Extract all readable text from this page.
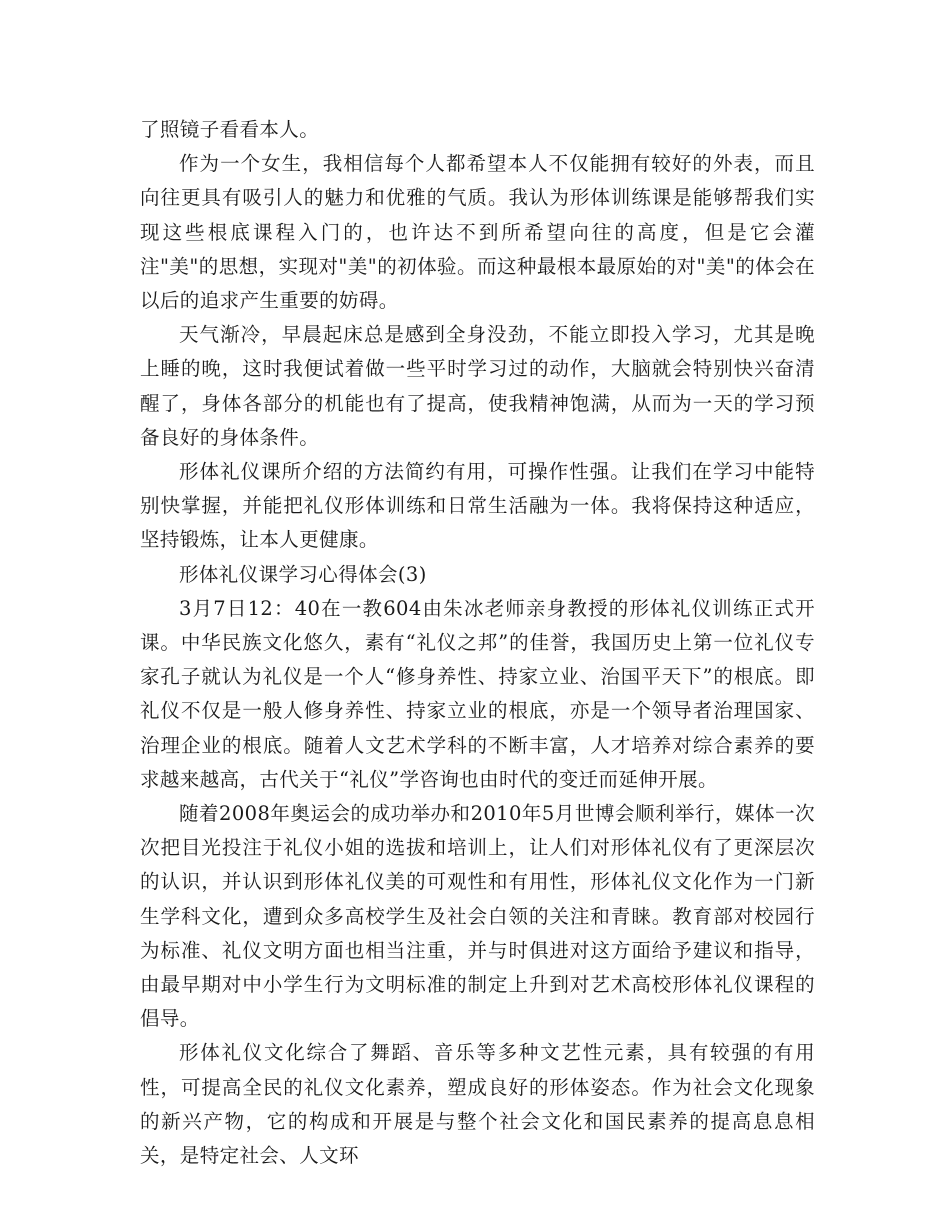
了照镜子看看本人。

作为一个女生，我相信每个人都希望本人不仅能拥有较好的外表，而且向往更具有吸引人的魅力和优雅的气质。我认为形体训练课是能够帮我们实现这些根底课程入门的，也许达不到所希望向往的高度，但是它会灌注"美"的思想，实现对"美"的初体验。而这种最根本最原始的对"美"的体会在以后的追求产生重要的妨碍。

天气渐冷，早晨起床总是感到全身没劲，不能立即投入学习，尤其是晚上睡的晚，这时我便试着做一些平时学习过的动作，大脑就会特别快兴奋清醒了，身体各部分的机能也有了提高，使我精神饱满，从而为一天的学习预备良好的身体条件。

形体礼仪课所介绍的方法简约有用，可操作性强。让我们在学习中能特别快掌握，并能把礼仪形体训练和日常生活融为一体。我将保持这种适应，坚持锻炼，让本人更健康。

形体礼仪课学习心得体会(3)

3月7日12：40在一教604由朱冰老师亲身教授的形体礼仪训练正式开课。中华民族文化悠久，素有“礼仪之邦”的佳誉，我国历史上第一位礼仪专家孔子就认为礼仪是一个人“修身养性、持家立业、治国平天下”的根底。即礼仪不仅是一般人修身养性、持家立业的根底，亦是一个领导者治理国家、治理企业的根底。随着人文艺术学科的不断丰富，人才培养对综合素养的要求越来越高，古代关于“礼仪”学咨询也由时代的变迁而延伸开展。

随着2008年奥运会的成功举办和2010年5月世博会顺利举行，媒体一次次把目光投注于礼仪小姐的选拔和培训上，让人们对形体礼仪有了更深层次的认识，并认识到形体礼仪美的可观性和有用性，形体礼仪文化作为一门新生学科文化，遭到众多高校学生及社会白领的关注和青睐。教育部对校园行为标准、礼仪文明方面也相当注重，并与时俱进对这方面给予建议和指导，由最早期对中小学生行为文明标准的制定上升到对艺术高校形体礼仪课程的倡导。

形体礼仪文化综合了舞蹈、音乐等多种文艺性元素，具有较强的有用性，可提高全民的礼仪文化素养，塑成良好的形体姿态。作为社会文化现象的新兴产物，它的构成和开展是与整个社会文化和国民素养的提高息息相关，是特定社会、人文环
